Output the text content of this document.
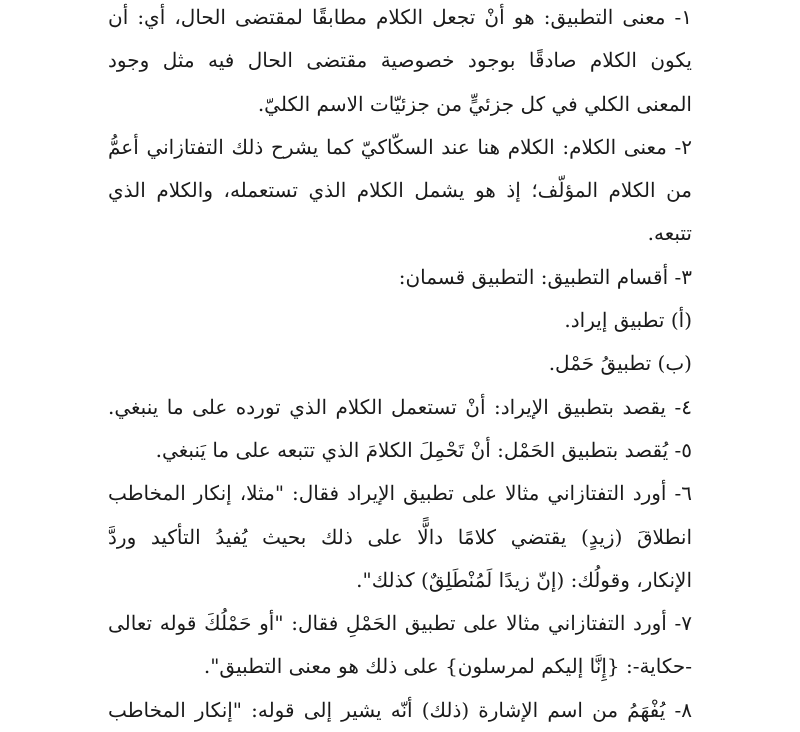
١- معنى التطبيق: هو أنْ تجعل الكلام مطابقًا لمقتضى الحال، أي: أن
يكون الكلام صادقًا بوجود خصوصية مقتضى الحال فيه مثل وجود
المعنى الكلي في كل جزئيٍّ من جزئيّات الاسم الكليّ.
٢- معنى الكلام: الكلام هنا عند السكّاكيّ كما يشرح ذلك التفتازاني أعمُّ
من الكلام المؤلّف؛ إذ هو يشمل الكلام الذي تستعمله، والكلام الذي
تتبعه.
٣- أقسام التطبيق: التطبيق قسمان:
(أ) تطبيق إيراد.
(ب) تطبيقُ حَمْل.
٤- يقصد بتطبيق الإيراد: أنْ تستعمل الكلام الذي تورده على ما ينبغي.
٥- يُقصد بتطبيق الحَمْل: أنْ تَحْمِلَ الكلامَ الذي تتبعه على ما يَنبغي.
٦- أورد التفتازاني مثالا على تطبيق الإيراد فقال: "مثلا، إنكار المخاطب
انطلاقَ (زيدٍ) يقتضي كلامًا دالًّا على ذلك بحيث يُفيدُ التأكيد وردَّ
الإنكار، وقولُك: (إنّ زيدًا لَمُنْطَلِقٌ) كذلك".
٧- أورد التفتازاني مثالا على تطبيق الحَمْلِ فقال: "أو حَمْلُكَ قوله تعالى
-حكاية-: {إِنَّا إليكم لمرسلون} على ذلك هو معنى التطبيق".
٨- يُفْهَمُ من اسم الإشارة (ذلك) أنّه يشير إلى قوله: "إنكار المخاطب
